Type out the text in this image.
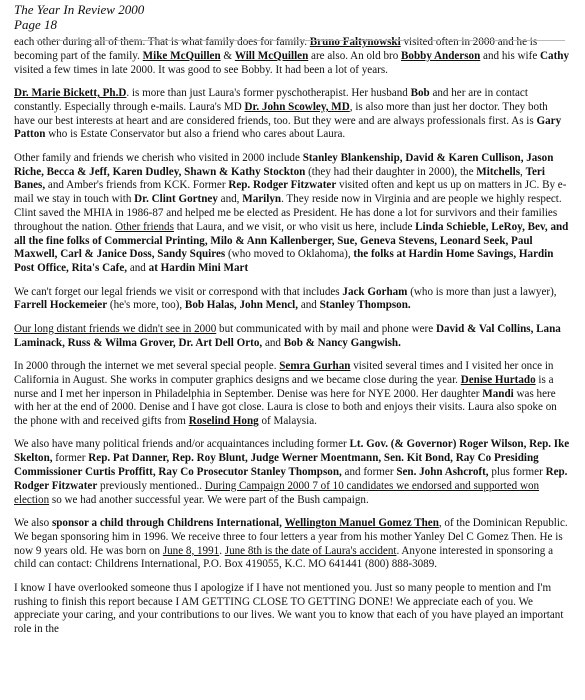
The Year In Review 2000
Page 18

each other during all of them. That is what family does for family. Bruno Faltynowski visited often in 2000 and he is becoming part of the family. Mike McQuillen & Will McQuillen are also. An old bro Bobby Anderson and his wife Cathy visited a few times in late 2000. It was good to see Bobby. It had been a lot of years.

Dr. Marie Bickett, Ph.D. is more than just Laura's former pyschotherapist. Her husband Bob and her are in contact constantly. Especially through e-mails. Laura's MD Dr. John Scowley, MD, is also more than just her doctor. They both have our best interests at heart and are considered friends, too. But they were and are always professionals first. As is Gary Patton who is Estate Conservator but also a friend who cares about Laura.

Other family and friends we cherish who visited in 2000 include Stanley Blankenship, David & Karen Cullison, Jason Riche, Becca & Jeff, Karen Dudley, Shawn & Kathy Stockton (they had their daughter in 2000), the Mitchells, Teri Banes, and Amber's friends from KCK. Former Rep. Rodger Fitzwater visited often and kept us up on matters in JC. By e-mail we stay in touch with Dr. Clint Gortney and, Marilyn. They reside now in Virginia and are people we highly respect. Clint saved the MHIA in 1986-87 and helped me be elected as President. He has done a lot for survivors and their families throughout the nation. Other friends that Laura, and we visit, or who visit us here, include Linda Schieble, LeRoy, Bev, and all the fine folks of Commercial Printing, Milo & Ann Kallenberger, Sue, Geneva Stevens, Leonard Seek, Paul Maxwell, Carl & Janice Doss, Sandy Squires (who moved to Oklahoma), the folks at Hardin Home Savings, Hardin Post Office, Rita's Cafe, and at Hardin Mini Mart

We can't forget our legal friends we visit or correspond with that includes Jack Gorham (who is more than just a lawyer), Farrell Hockemeier (he's more, too), Bob Halas, John Mencl, and Stanley Thompson.

Our long distant friends we didn't see in 2000 but communicated with by mail and phone were David & Val Collins, Lana Laminack, Russ & Wilma Grover, Dr. Art Dell Orto, and Bob & Nancy Gangwish.

In 2000 through the internet we met several special people. Semra Gurhan visited several times and I visited her once in California in August. She works in computer graphics designs and we became close during the year. Denise Hurtado is a nurse and I met her inperson in Philadelphia in September. Denise was here for NYE 2000. Her daughter Mandi was here with her at the end of 2000. Denise and I have got close. Laura is close to both and enjoys their visits. Laura also spoke on the phone with and received gifts from Roselind Hong of Malaysia.

We also have many political friends and/or acquaintances including former Lt. Gov. (& Governor) Roger Wilson, Rep. Ike Skelton, former Rep. Pat Danner, Rep. Roy Blunt, Judge Werner Moentmann, Sen. Kit Bond, Ray Co Presiding Commissioner Curtis Proffitt, Ray Co Prosecutor Stanley Thompson, and former Sen. John Ashcroft, plus former Rep. Rodger Fitzwater previously mentioned.. During Campaign 2000 7 of 10 candidates we endorsed and supported won election so we had another successful year. We were part of the Bush campaign.

We also sponsor a child through Childrens International, Wellington Manuel Gomez Then, of the Dominican Republic. We began sponsoring him in 1996. We receive three to four letters a year from his mother Yanley Del C Gomez Then. He is now 9 years old. He was born on June 8, 1991. June 8th is the date of Laura's accident. Anyone interested in sponsoring a child can contact: Childrens International, P.O. Box 419055, K.C. MO 641441 (800) 888-3089.

I know I have overlooked someone thus I apologize if I have not mentioned you. Just so many people to mention and I'm rushing to finish this report because I AM GETTING CLOSE TO GETTING DONE! We appreciate each of you. We appreciate your caring, and your contributions to our lives. We want you to know that each of you have played an important role in the
